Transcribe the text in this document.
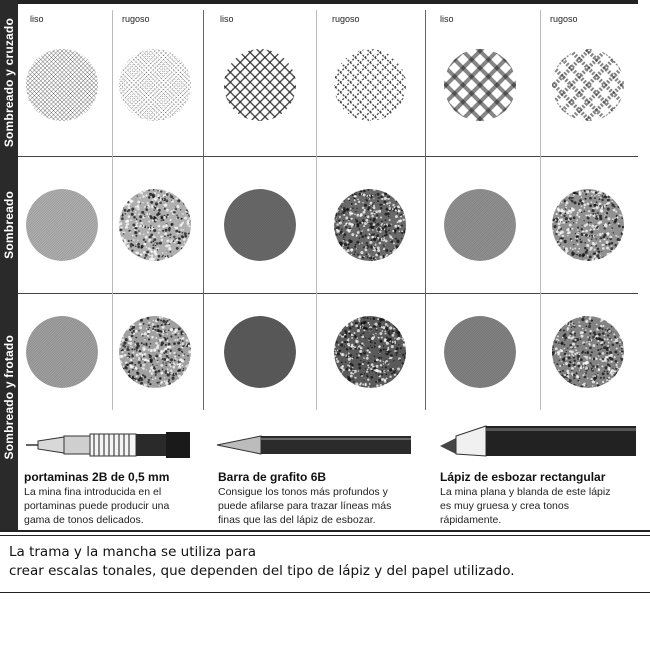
Sombreado y cruzado
Sombreado
Sombreado y frotado
liso	rugoso	liso	rugoso	liso	rugoso
portaminas 2B de 0,5 mm
La mina fina introducida en el
portaminas puede producir una
gama de tonos delicados.
Barra de grafito 6B
Consigue los tonos más profundos y
puede afilarse para trazar líneas más
finas que las del lápiz de esbozar.
Lápiz de esbozar rectangular
La mina plana y blanda de este lápiz
es muy gruesa y crea tonos
rápidamente.
La trama y la mancha se utiliza para
crear escalas tonales, que dependen del tipo de lápiz y del papel utilizado.
